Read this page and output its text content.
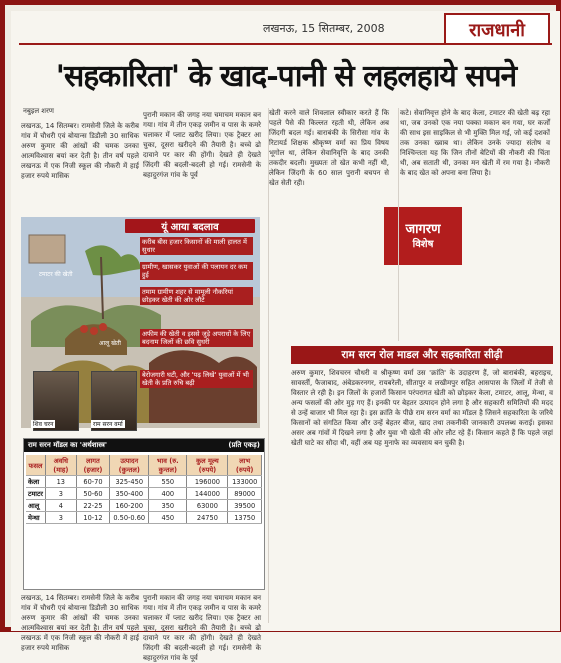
लखनऊ, 15 सितम्बर, 2008	राजधानी
'सहकारिता' के खाद-पानी से लहलहाये सपने
नबुइल शरण
लखनऊ, 14 सितम्बर। रामसेनी जिले के करीब गांव में चौधरी एवं बोयान्स डिडौली 30 साधिक अरुण कुमार की आंखों की चमक उनका आत्मविश्वास बयां कर देती है। तीन वर्ष पहले लखनऊ में एक निजी स्कूल की नौकरी में हाई हजार रुपये मासिक
पुरानी मकान की जगह नया चमाचम मकान बन गया। गांव में तीन एकड़ जमीन व पास के कमरे चलाकर में प्लाट खरीद लिया। एक ट्रैक्टर आ चुका, दूसरा खरीदने की तैयारी है। बच्चे ढो दावाने पर कार की होंगी। देखते ही देखते जिंदगी की बदली-बदली हो गई। रामसेनी के बहादुरगंज गांव के पूर्व
खेती करने वाले शिवलाल स्वीकार करते हैं कि पहले पैसे की किल्लत रहती थी, लेकिन अब जिंदगी बदल गई। बाराबंकी के सिरौसा गांव के रिटायर्ड शिक्षक श्रीकृष्ण वर्मा का प्रिय विषय भूगोल था, लेकिन सेवानिवृत्ति के बाद उनकी तकदीर बदली। मुख्यतः तो खेत कभी नहीं थी, लेकिन जिंदगी के 60 साल पुरानी बचपन से खेत सेती रही।
कटे। सेवानिवृत्त होने के बाद केला, टमाटर की खेती बढ़ रहा था, जब उनको एक नया पक्का मकान बन गया, घर कर्जों की साथ इस साइकिल से भी मुक्ति मिल गई, जो कई दशकों तक उनका ख्वाब था। लेकिन उनके ज्यादा संतोष व निश्चिन्तता यह कि जिन तीनों बेटियों की नौकरी की चिंता थी, अब सताती थी, उनका मन खेती में रम गया है। नौकरी के बाद खेत को अपना बना लिया है।
जागरण
विशेष
यूं आया बदलाव
करीब बीस हजार किसानों की माली हालत में सुधार
ग्रामीण, खासकर युवाओं की पलायन दर कम हुई
तमाम ग्रामीण शहर से मामूली नौकरियां छोड़कर खेती की ओर लौटे
अफीम की खेती व इससे जुड़े अपराधों के लिए बदनाम जिलों की छवि सुधरी
बेरोजगारी घटी, और 'पढ़ लिखे' युवाओं में भी खेती के प्रति रुचि बढ़ी
टमाटर की खेती
आलू खेती
शिव चरन	राम सरन वर्मा
राम सरन मॉडल का 'अर्थशास्त्र'	(प्रति एकड़)
फसल	अवधि (माह)	लागत (हजार)	उत्पादन (कुन्तल)	भाव (रु. कुन्तल)	कुल मूल्य (रुपये)	लाभ (रुपये)
केला	13	60-70	325-450	550	196000	133000
टमाटर	3	50-60	350-400	400	144000	89000
आलू	4	22-25	160-200	350	63000	39500
मेन्था	3	10-12	0.50-0.60	450	24750	13750
लखनऊ, 14 सितम्बर। रामसेनी जिले के करीब गांव में चौधरी एवं बोयान्स डिडौली 30 साधिक अरुण कुमार की आंखों की चमक उनका आत्मविश्वास बयां कर देती है। तीन वर्ष पहले लखनऊ में एक निजी स्कूल की नौकरी में हाई हजार रुपये मासिक
पुरानी मकान की जगह नया चमाचम मकान बन गया। गांव में तीन एकड़ जमीन व पास के कमरे चलाकर में प्लाट खरीद लिया। एक ट्रैक्टर आ चुका, दूसरा खरीदने की तैयारी है। बच्चे ढो दावाने पर कार की होंगी। देखते ही देखते जिंदगी की बदली-बदली हो गई। रामसेनी के बहादुरगंज गांव के पूर्व
राम सरन रोल माडल और सहकारिता सीढ़ी
अरुण कुमार, शिवचरन चौधरी व श्रीकृष्ण वर्मा उस 'क्रांति' के उदाहरण हैं, जो बाराबंकी, बहराइच, सावर्स्ती, फैजाबाद, अंबेडकरनगर, रायबरेली, सीतापुर व लखीमपुर सहित आसपास के जिलों में तेजी से विस्तार ले रही है। इन जिलों के हजारों किसान परंपरागत खेती को छोड़कर केला, टमाटर, आलू, मेन्था, व अन्य फसलों की ओर मुड़ गए हैं। इनकी पर बेहतर उत्पादन होने लगा है और सहकारी समितियों की मदद से उन्हें बाजार भी मिल रहा है। इस क्रांति के पीछे राम सरन वर्मा का मॉडल है जिसने सहकारिता के जरिये किसानों को संगठित किया और उन्हें बेहतर बीज, खाद तथा तकनीकी जानकारी उपलब्ध कराई। इसका असर अब गांवों में दिखने लगा है और युवा भी खेती की ओर लौट रहे हैं। किसान कहते हैं कि पहले जहां खेती घाटे का सौदा थी, वहीं अब यह मुनाफे का व्यवसाय बन चुकी है।
